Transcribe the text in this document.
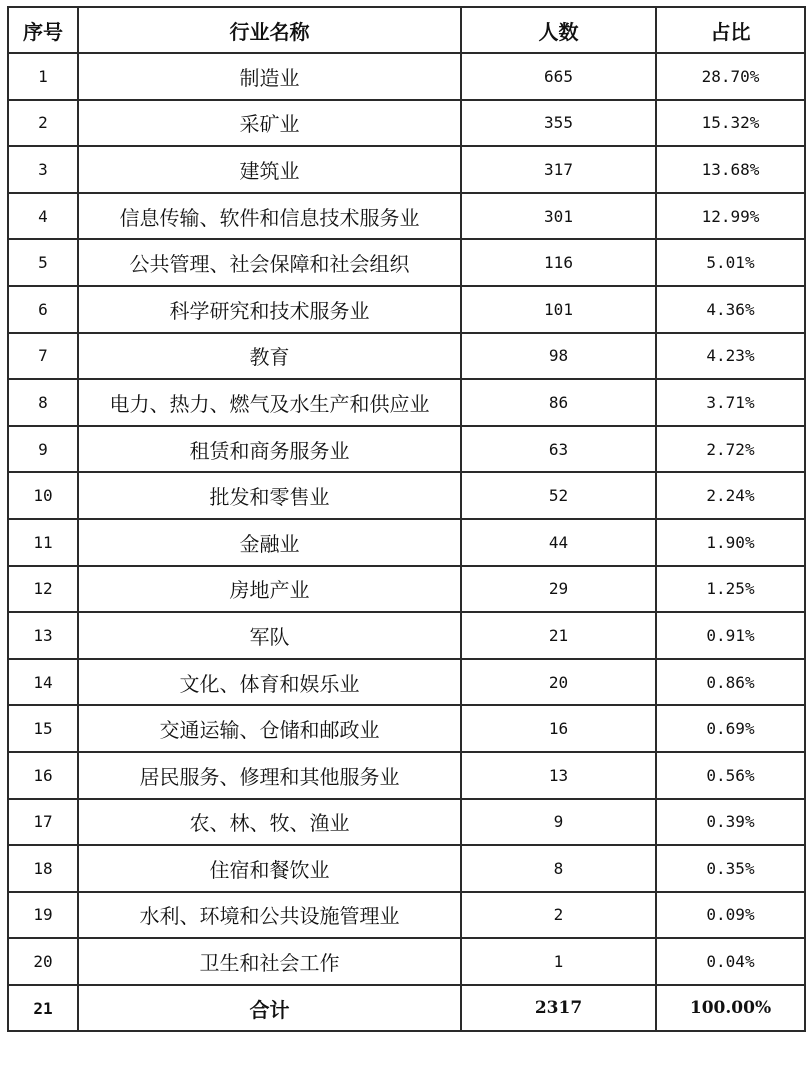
序号	行业名称	人数	占比
1	制造业	665	28.70%
2	采矿业	355	15.32%
3	建筑业	317	13.68%
4	信息传输、软件和信息技术服务业	301	12.99%
5	公共管理、社会保障和社会组织	116	5.01%
6	科学研究和技术服务业	101	4.36%
7	教育	98	4.23%
8	电力、热力、燃气及水生产和供应业	86	3.71%
9	租赁和商务服务业	63	2.72%
10	批发和零售业	52	2.24%
11	金融业	44	1.90%
12	房地产业	29	1.25%
13	军队	21	0.91%
14	文化、体育和娱乐业	20	0.86%
15	交通运输、仓储和邮政业	16	0.69%
16	居民服务、修理和其他服务业	13	0.56%
17	农、林、牧、渔业	9	0.39%
18	住宿和餐饮业	8	0.35%
19	水利、环境和公共设施管理业	2	0.09%
20	卫生和社会工作	1	0.04%
21	合计	2317	100.00%
